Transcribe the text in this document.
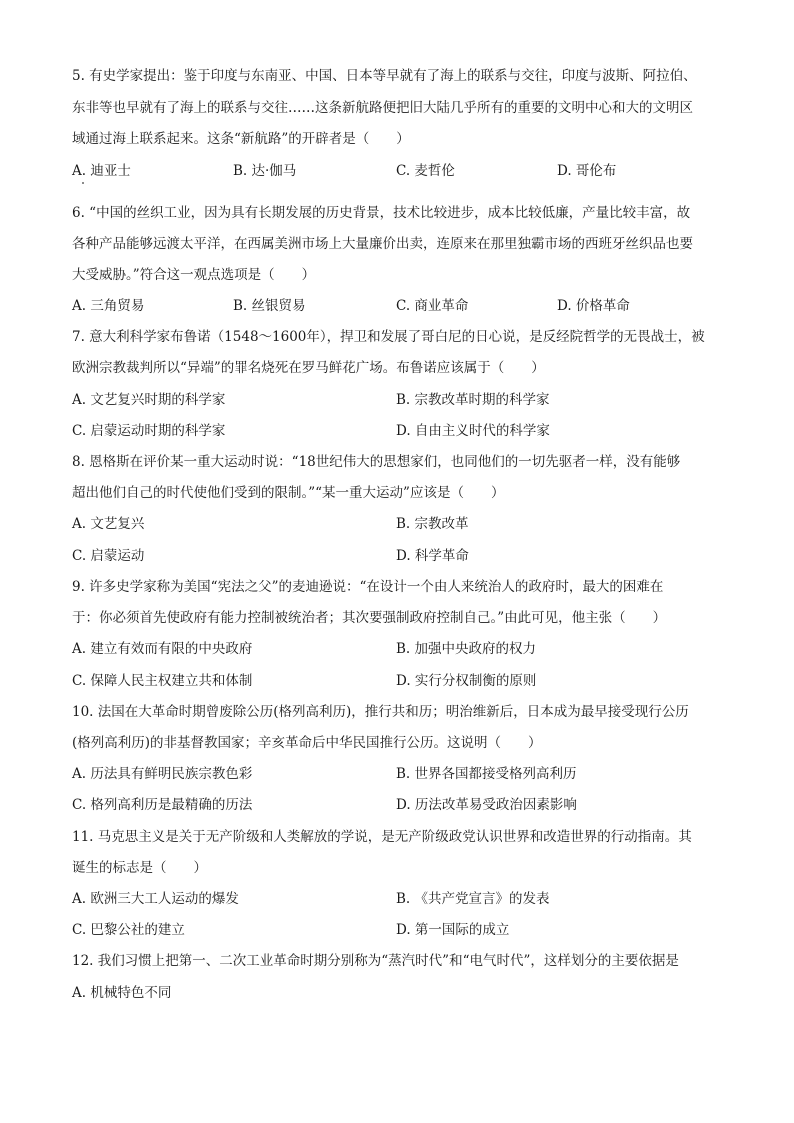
5. 有史学家提出：鉴于印度与东南亚、中国、日本等早就有了海上的联系与交往，印度与波斯、阿拉伯、
东非等也早就有了海上的联系与交往……这条新航路便把旧大陆几乎所有的重要的文明中心和大的文明区
域通过海上联系起来。这条“新航路”的开辟者是（　　）
A. 迪亚士	B. 达·伽马	C. 麦哲伦	D. 哥伦布
6. “中国的丝织工业，因为具有长期发展的历史背景，技术比较进步，成本比较低廉，产量比较丰富，故
各种产品能够远渡太平洋，在西属美洲市场上大量廉价出卖，连原来在那里独霸市场的西班牙丝织品也要
大受威胁。”符合这一观点选项是（　　）
A. 三角贸易	B. 丝银贸易	C. 商业革命	D. 价格革命
7. 意大利科学家布鲁诺（1548～1600年），捍卫和发展了哥白尼的日心说，是反经院哲学的无畏战士，被
欧洲宗教裁判所以“异端”的罪名烧死在罗马鲜花广场。布鲁诺应该属于（　　）
A. 文艺复兴时期的科学家	B. 宗教改革时期的科学家
C. 启蒙运动时期的科学家	D. 自由主义时代的科学家
8. 恩格斯在评价某一重大运动时说：“18世纪伟大的思想家们，也同他们的一切先驱者一样，没有能够
超出他们自己的时代使他们受到的限制。”“某一重大运动”应该是（　　）
A. 文艺复兴	B. 宗教改革
C. 启蒙运动	D. 科学革命
9. 许多史学家称为美国“宪法之父”的麦迪逊说：“在设计一个由人来统治人的政府时，最大的困难在
于：你必须首先使政府有能力控制被统治者；其次要强制政府控制自己。”由此可见，他主张（　　）
A. 建立有效而有限的中央政府	B. 加强中央政府的权力
C. 保障人民主权建立共和体制	D. 实行分权制衡的原则
10. 法国在大革命时期曾废除公历(格列高利历)，推行共和历；明治维新后，日本成为最早接受现行公历
(格列高利历)的非基督教国家；辛亥革命后中华民国推行公历。这说明（　　）
A. 历法具有鲜明民族宗教色彩	B. 世界各国都接受格列高利历
C. 格列高利历是最精确的历法	D. 历法改革易受政治因素影响
11. 马克思主义是关于无产阶级和人类解放的学说，是无产阶级政党认识世界和改造世界的行动指南。其
诞生的标志是（　　）
A. 欧洲三大工人运动的爆发	B. 《共产党宣言》的发表
C. 巴黎公社的建立	D. 第一国际的成立
12. 我们习惯上把第一、二次工业革命时期分别称为“蒸汽时代”和“电气时代”，这样划分的主要依据是
A. 机械特色不同
